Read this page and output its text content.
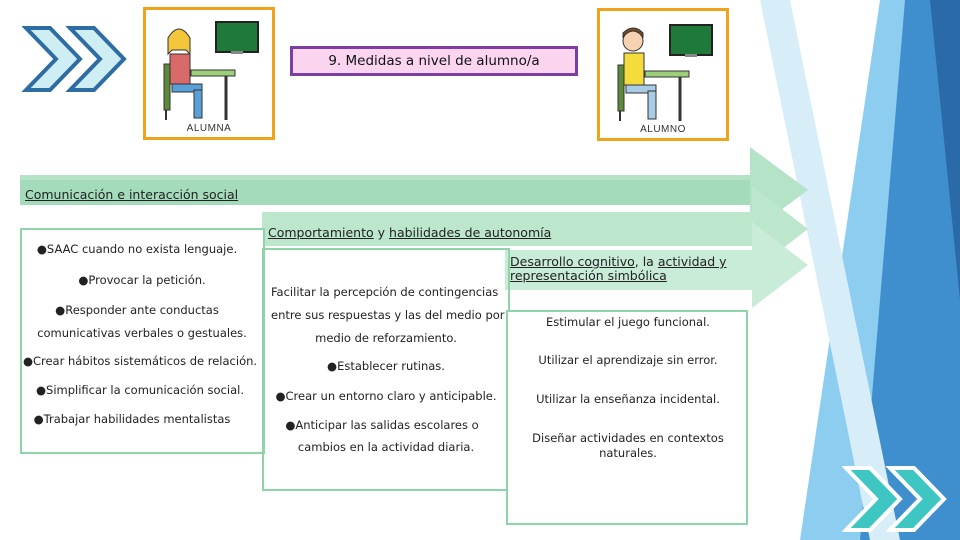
ALUMNA	ALUMNO
9. Medidas a nivel de alumno/a
Comunicación e interacción social
Comportamiento y habilidades de autonomía
Desarrollo cognitivo, la actividad y
representación simbólica
●SAAC cuando no exista lenguaje.
●Provocar la petición.
●Responder ante conductas
comunicativas verbales o gestuales.
●Crear hábitos sistemáticos de relación.
●Simplificar la comunicación social.
●Trabajar habilidades mentalistas
Facilitar la percepción de contingencias
entre sus respuestas y las del medio por
medio de reforzamiento.
●Establecer rutinas.
●Crear un entorno claro y anticipable.
●Anticipar las salidas escolares o
cambios en la actividad diaria.
Estimular el juego funcional.
Utilizar el aprendizaje sin error.
Utilizar la enseñanza incidental.
Diseñar actividades en contextos
naturales.
